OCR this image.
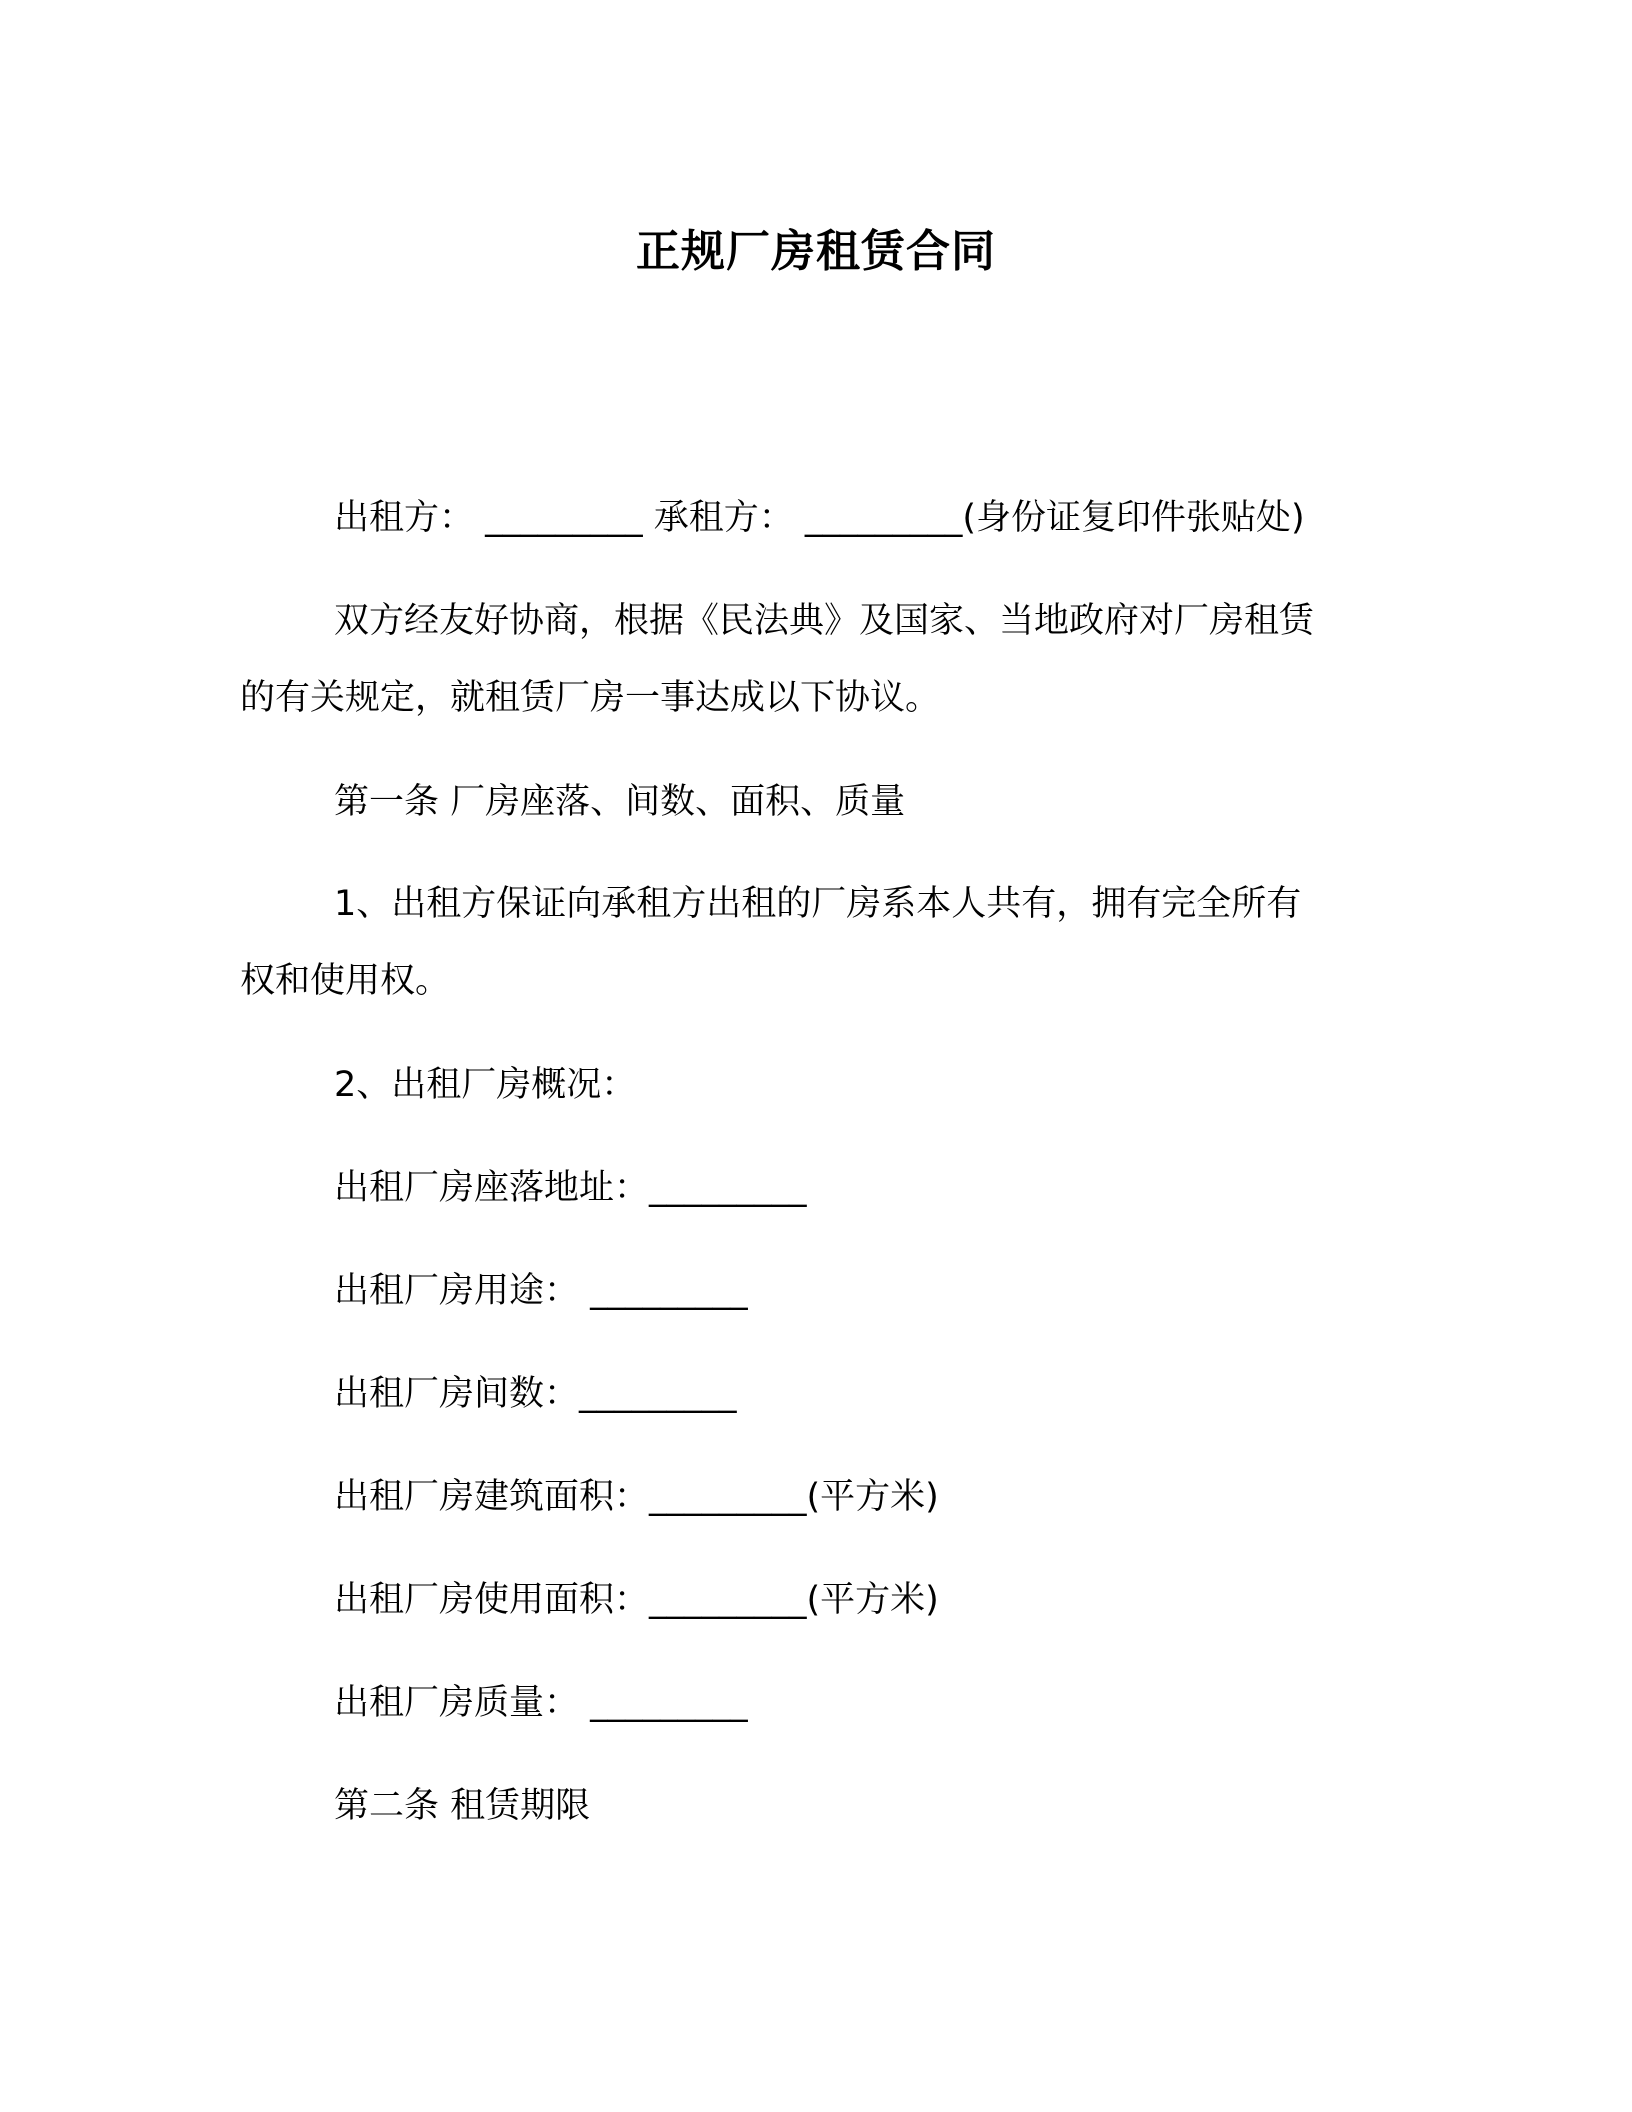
正规厂房租赁合同
出租方： _________ 承租方： _________(身份证复印件张贴处)
双方经友好协商，根据《民法典》及国家、当地政府对厂房租赁
的有关规定，就租赁厂房一事达成以下协议。
第一条 厂房座落、间数、面积、质量
1、出租方保证向承租方出租的厂房系本人共有，拥有完全所有
权和使用权。
2、出租厂房概况：
出租厂房座落地址：_________
出租厂房用途： _________
出租厂房间数：_________
出租厂房建筑面积：_________(平方米)
出租厂房使用面积：_________(平方米)
出租厂房质量： _________
第二条 租赁期限
